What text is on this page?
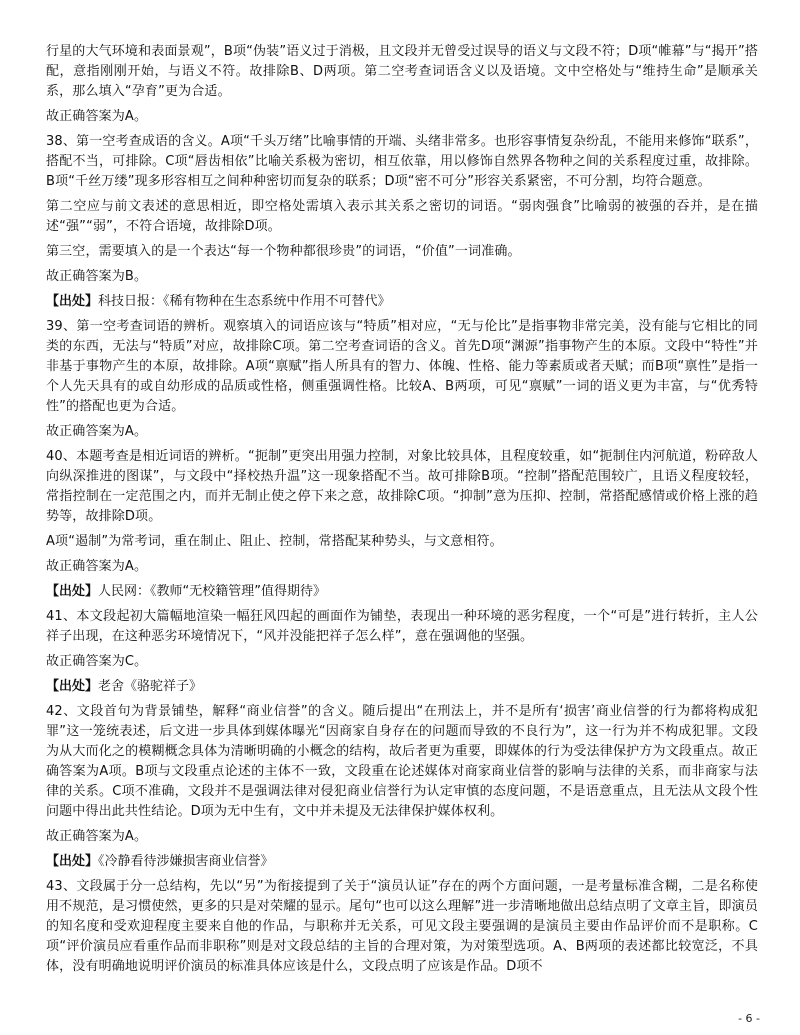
行星的大气环境和表面景观”，B项“伪装”语义过于消极，且文段并无曾受过误导的语义与文段不符；D项“帷幕”与“揭开”搭配，意指刚刚开始，与语义不符。故排除B、D两项。第二空考查词语含义以及语境。文中空格处与“维持生命”是顺承关系，那么填入“孕育”更为合适。

故正确答案为A。

38、第一空考查成语的含义。A项“千头万绪”比喻事情的开端、头绪非常多。也形容事情复杂纷乱，不能用来修饰“联系”，搭配不当，可排除。C项“唇齿相依”比喻关系极为密切，相互依靠，用以修饰自然界各物种之间的关系程度过重，故排除。B项“千丝万缕”现多形容相互之间种种密切而复杂的联系；D项“密不可分”形容关系紧密，不可分割，均符合题意。

第二空应与前文表述的意思相近，即空格处需填入表示其关系之密切的词语。“弱肉强食”比喻弱的被强的吞并，是在描述“强”“弱”，不符合语境，故排除D项。

第三空，需要填入的是一个表达“每一个物种都很珍贵”的词语，“价值”一词准确。

故正确答案为B。

【出处】科技日报：《稀有物种在生态系统中作用不可替代》

39、第一空考查词语的辨析。观察填入的词语应该与“特质”相对应，“无与伦比”是指事物非常完美，没有能与它相比的同类的东西，无法与“特质”对应，故排除C项。第二空考查词语的含义。首先D项“渊源”指事物产生的本原。文段中“特性”并非基于事物产生的本原，故排除。A项“禀赋”指人所具有的智力、体魄、性格、能力等素质或者天赋；而B项“禀性”是指一个人先天具有的或自幼形成的品质或性格，侧重强调性格。比较A、B两项，可见“禀赋”一词的语义更为丰富，与“优秀特性”的搭配也更为合适。

故正确答案为A。

40、本题考查是相近词语的辨析。“扼制”更突出用强力控制，对象比较具体，且程度较重，如“扼制住内河航道，粉碎敌人向纵深推进的图谋”，与文段中“择校热升温”这一现象搭配不当。故可排除B项。“控制”搭配范围较广，且语义程度较轻，常指控制在一定范围之内，而并无制止使之停下来之意，故排除C项。“抑制”意为压抑、控制，常搭配感情或价格上涨的趋势等，故排除D项。

A项“遏制”为常考词，重在制止、阻止、控制，常搭配某种势头，与文意相符。

故正确答案为A。

【出处】人民网：《教师“无校籍管理”值得期待》

41、本文段起初大篇幅地渲染一幅狂风四起的画面作为铺垫，表现出一种环境的恶劣程度，一个“可是”进行转折，主人公祥子出现，在这种恶劣环境情况下，“风并没能把祥子怎么样”，意在强调他的坚强。

故正确答案为C。

【出处】老舍《骆驼祥子》

42、文段首句为背景铺垫，解释“商业信誉”的含义。随后提出“在刑法上，并不是所有‘损害’商业信誉的行为都将构成犯罪”这一笼统表述，后文进一步具体到媒体曝光“因商家自身存在的问题而导致的不良行为”，这一行为并不构成犯罪。文段为从大而化之的模糊概念具体为清晰明确的小概念的结构，故后者更为重要，即媒体的行为受法律保护方为文段重点。故正确答案为A项。B项与文段重点论述的主体不一致，文段重在论述媒体对商家商业信誉的影响与法律的关系，而非商家与法律的关系。C项不准确，文段并不是强调法律对侵犯商业信誉行为认定审慎的态度问题，不是语意重点，且无法从文段个性问题中得出此共性结论。D项为无中生有，文中并未提及无法律保护媒体权利。

故正确答案为A。

【出处】《冷静看待涉嫌损害商业信誉》

43、文段属于分一总结构，先以“另”为衔接提到了关于“演员认证”存在的两个方面问题，一是考量标准含糊，二是名称使用不规范，是习惯使然，更多的只是对荣耀的显示。尾句“也可以这么理解”进一步清晰地做出总结点明了文章主旨，即演员的知名度和受欢迎程度主要来自他的作品，与职称并无关系，可见文段主要强调的是演员主要由作品评价而不是职称。C项“评价演员应看重作品而非职称”则是对文段总结的主旨的合理对策，为对策型选项。A、B两项的表述都比较宽泛，不具体，没有明确地说明评价演员的标准具体应该是什么，文段点明了应该是作品。D项不

- 6 -
